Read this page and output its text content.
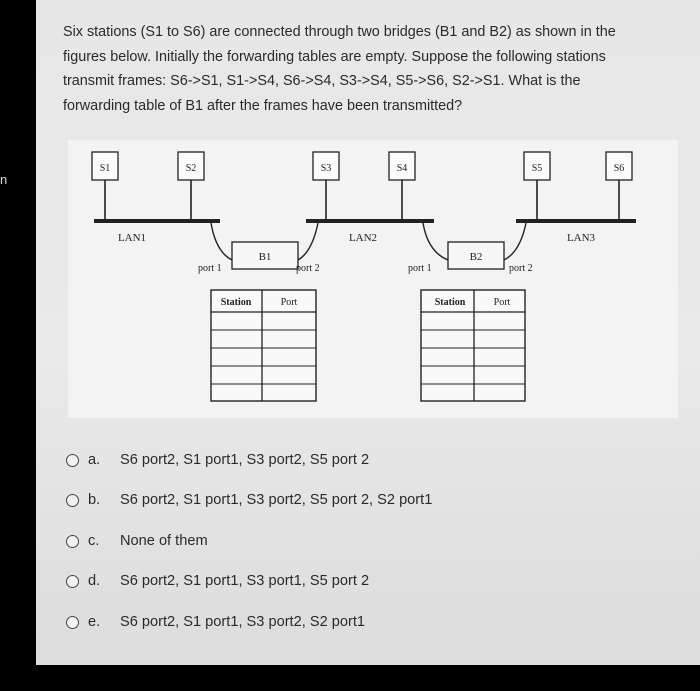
n
Six stations (S1 to S6) are connected through two bridges (B1 and B2) as shown in the
figures below. Initially the forwarding tables are empty. Suppose the following stations
transmit frames: S6->S1, S1->S4, S6->S4, S3->S4, S5->S6, S2->S1. What is the
forwarding table of B1 after the frames have been transmitted?
S1	S2	S3	S4	S5	S6
LAN1	LAN2	LAN3
B1	B2
port 1	port 2	port 1	port 2
Station	Port	Station	Port
a.	S6 port2, S1 port1, S3 port2, S5 port 2
b.	S6 port2, S1 port1, S3 port2, S5 port 2, S2 port1
c.	None of them
d.	S6 port2, S1 port1, S3 port1, S5 port 2
e.	S6 port2, S1 port1, S3 port2, S2 port1
